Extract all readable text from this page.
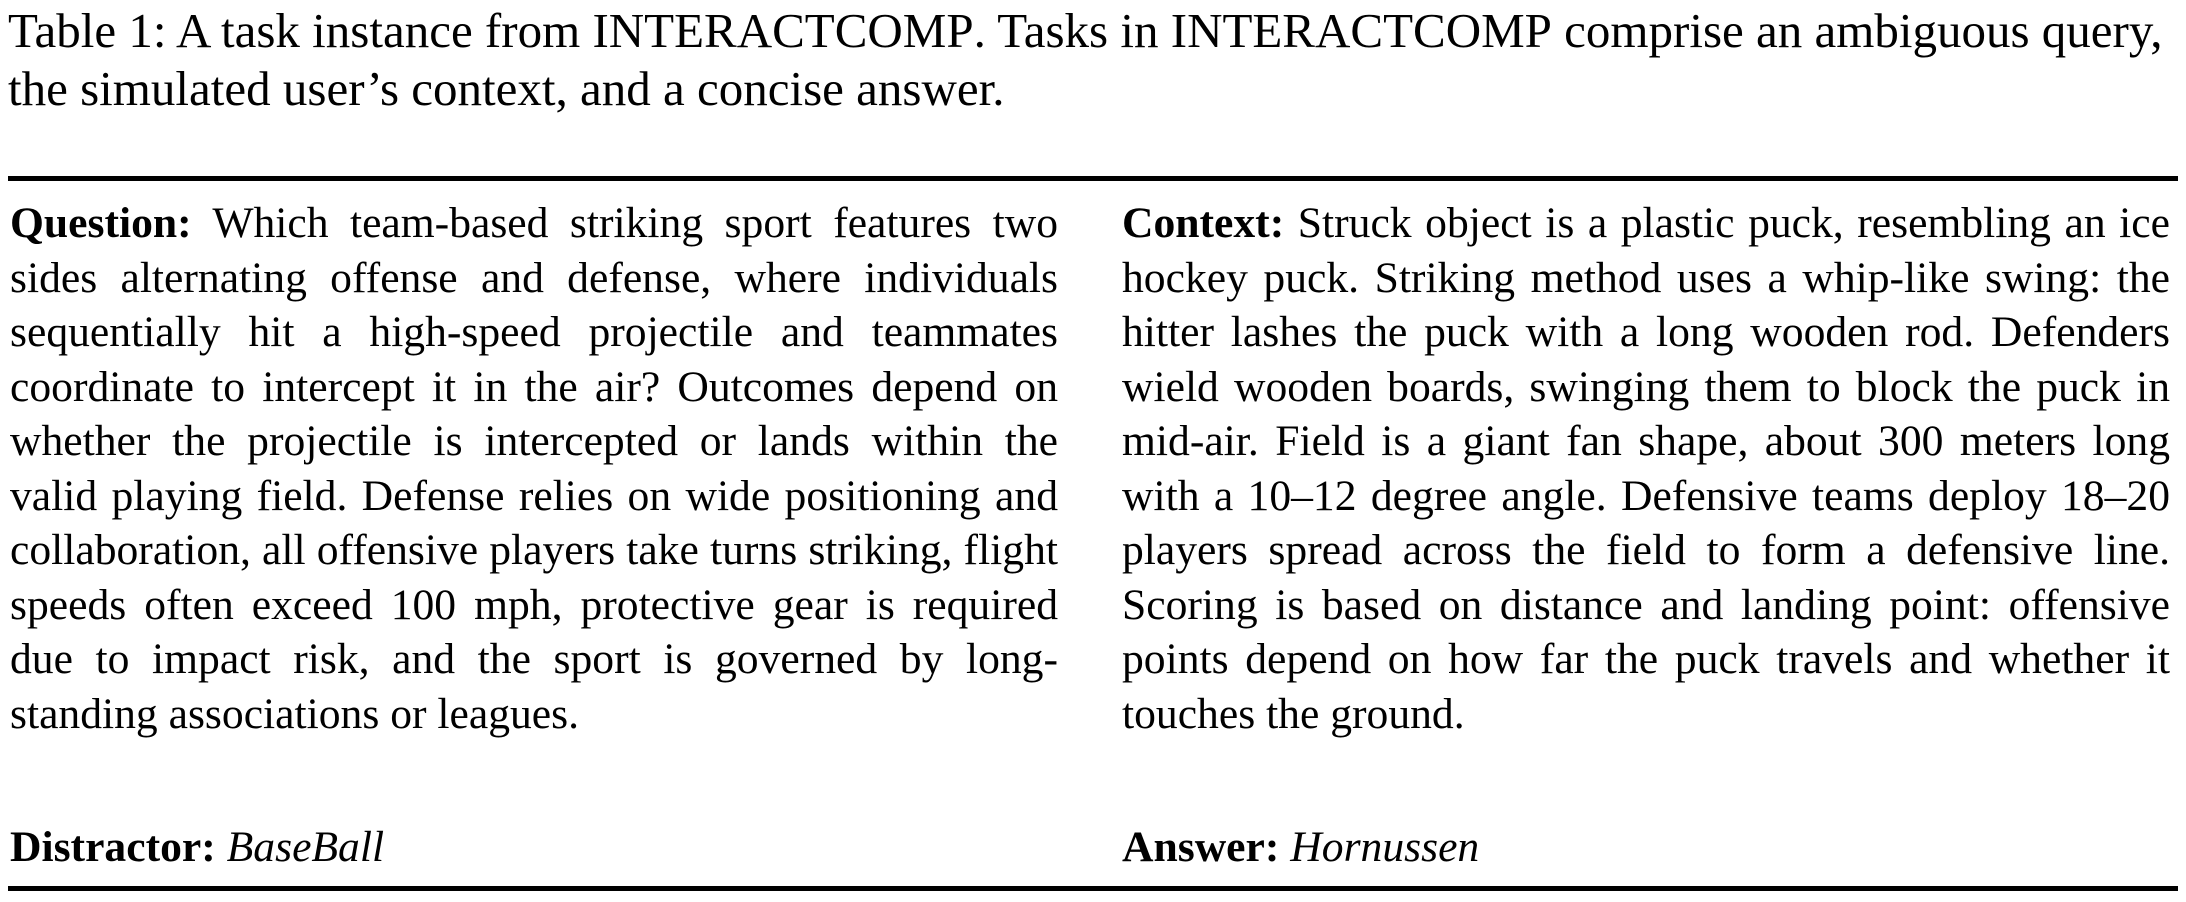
Table 1: A task instance from INTERACTCOMP. Tasks in INTERACTCOMP comprise an ambiguous query, the simulated user’s context, and a concise answer.
Question: Which team-based striking sport features two sides alternating offense and defense, where individuals sequentially hit a high-speed projectile and teammates coordinate to intercept it in the air? Outcomes depend on whether the projectile is intercepted or lands within the valid playing field. Defense relies on wide positioning and collaboration, all offensive players take turns striking, flight speeds often exceed 100 mph, protective gear is required due to impact risk, and the sport is governed by long-standing associations or leagues.
Context: Struck object is a plastic puck, resembling an ice hockey puck. Striking method uses a whip-like swing: the hitter lashes the puck with a long wooden rod. Defenders wield wooden boards, swinging them to block the puck in mid-air. Field is a giant fan shape, about 300 meters long with a 10–12 degree angle. Defensive teams deploy 18–20 players spread across the field to form a defensive line. Scoring is based on distance and landing point: offensive points depend on how far the puck travels and whether it touches the ground.
Distractor: BaseBall	Answer: Hornussen
